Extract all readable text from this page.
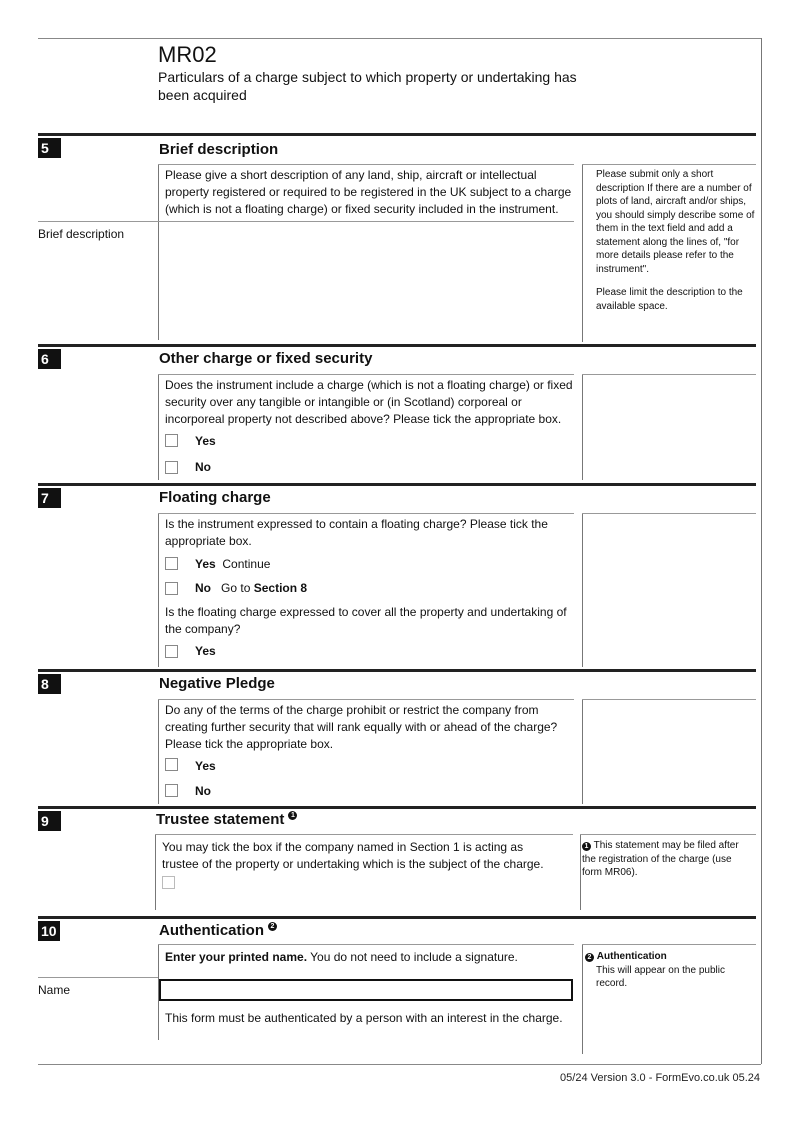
MR02
Particulars of a charge subject to which property or undertaking has been acquired
5	Brief description
Please give a short description of any land, ship, aircraft or intellectual property registered or required to be registered in the UK subject to a charge (which is not a floating charge) or fixed security included in the instrument.
Brief description
Please submit only a short description If there are a number of plots of land, aircraft and/or ships, you should simply describe some of them in the text field and add a statement along the lines of, "for more details please refer to the instrument".
Please limit the description to the available space.
6	Other charge or fixed security
Does the instrument include a charge (which is not a floating charge) or fixed security over any tangible or intangible or (in Scotland) corporeal or incorporeal property not described above? Please tick the appropriate box.
Yes
No
7	Floating charge
Is the instrument expressed to contain a floating charge? Please tick the appropriate box.
Yes Continue
No Go to Section 8
Is the floating charge expressed to cover all the property and undertaking of the company?
Yes
8	Negative Pledge
Do any of the terms of the charge prohibit or restrict the company from creating further security that will rank equally with or ahead of the charge? Please tick the appropriate box.
Yes
No
9	Trustee statement $^1$
You may tick the box if the company named in Section 1 is acting as trustee of the property or undertaking which is the subject of the charge.
1 This statement may be filed after the registration of the charge (use form MR06).
10	Authentication $^2$
Enter your printed name. You do not need to include a signature.
Name
This form must be authenticated by a person with an interest in the charge.
2 Authentication
This will appear on the public record.
05/24 Version 3.0 - FormEvo.co.uk 05.24
